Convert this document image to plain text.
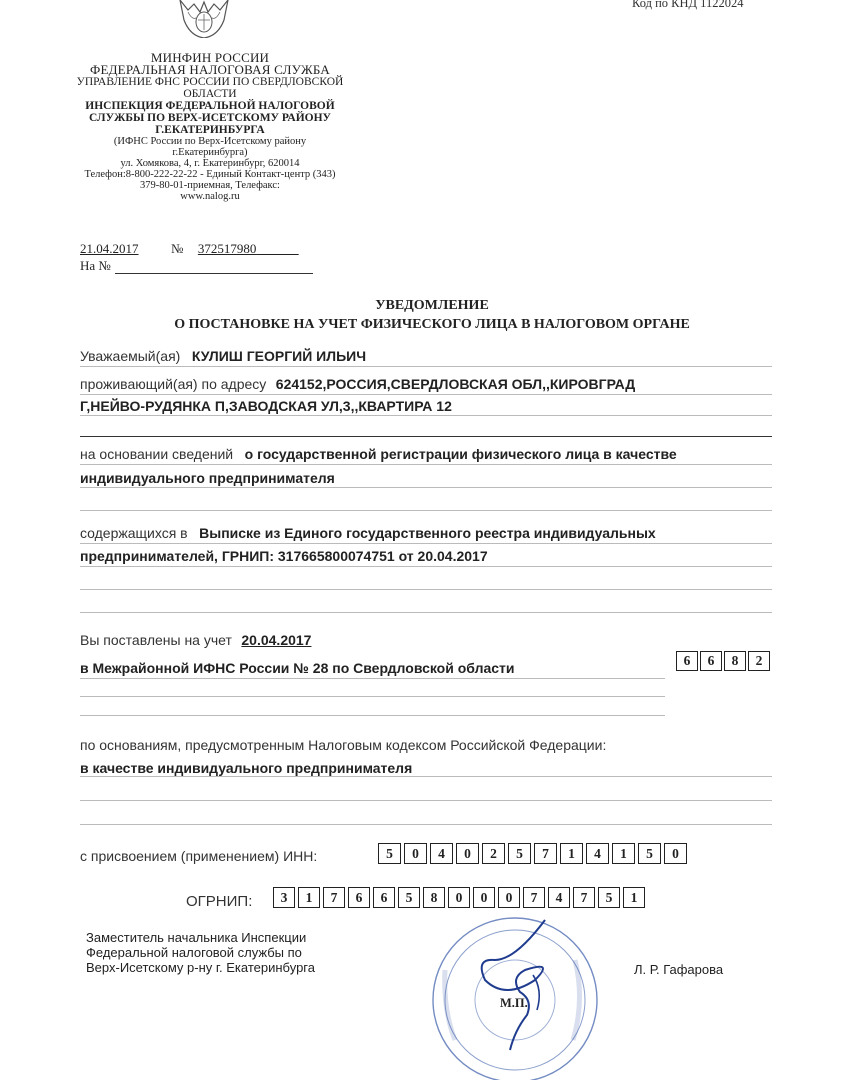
Код по КНД 1122024
МИНФИН РОССИИ
ФЕДЕРАЛЬНАЯ НАЛОГОВАЯ СЛУЖБА
УПРАВЛЕНИЕ ФНС РОССИИ ПО СВЕРДЛОВСКОЙ
ОБЛАСТИ
ИНСПЕКЦИЯ ФЕДЕРАЛЬНОЙ НАЛОГОВОЙ
СЛУЖБЫ ПО ВЕРХ-ИСЕТСКОМУ РАЙОНУ
Г.ЕКАТЕРИНБУРГА
(ИФНС России по Верх-Исетскому району
г.Екатеринбурга)
ул. Хомякова, 4, г. Екатеринбург, 620014
Телефон:8-800-222-22-22 - Единый Контакт-центр (343)
379-80-01-приемная, Телефакс:
www.nalog.ru
21.04.2017	№ 372517980
На №
УВЕДОМЛЕНИЕ
О ПОСТАНОВКЕ НА УЧЕТ ФИЗИЧЕСКОГО ЛИЦА В НАЛОГОВОМ ОРГАНЕ
Уважаемый(ая) КУЛИШ ГЕОРГИЙ ИЛЬИЧ
проживающий(ая) по адресу 624152,РОССИЯ,СВЕРДЛОВСКАЯ ОБЛ,,КИРОВГРАД
Г,НЕЙВО-РУДЯНКА П,ЗАВОДСКАЯ УЛ,3,,КВАРТИРА 12
на основании сведений о государственной регистрации физического лица в качестве
индивидуального предпринимателя
содержащихся в Выписке из Единого государственного реестра индивидуальных
предпринимателей, ГРНИП: 317665800074751 от 20.04.2017
Вы поставлены на учет 20.04.2017
в Межрайонной ИФНС России № 28 по Свердловской области	6	6	8	2
по основаниям, предусмотренным Налоговым кодексом Российской Федерации:
в качестве индивидуального предпринимателя
с присвоением (применением) ИНН:	5	0	4	0	2	5	7	1	4	1	5	0
ОГРНИП:	3	1	7	6	6	5	8	0	0	0	7	4	7	5	1
Заместитель начальника Инспекции
Федеральной налоговой службы по
Верх-Исетскому р-ну г. Екатеринбурга	Л. Р. Гафарова
М.П.
